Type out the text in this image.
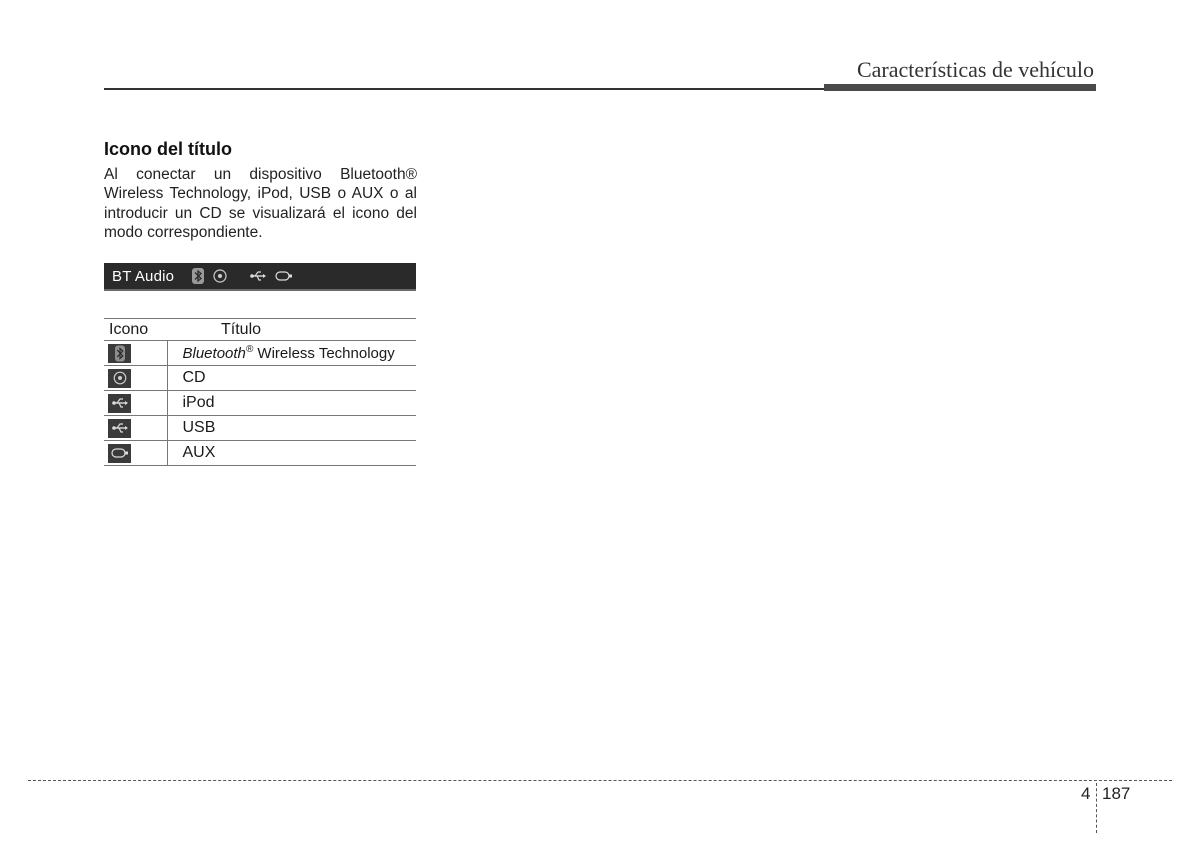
Características de vehículo
Icono del título
Al conectar un dispositivo Bluetooth® Wireless Technology, iPod, USB o AUX o al introducir un CD se visualizará el icono del modo correspondiente.
BT Audio
Icono	Título

	Bluetooth® Wireless Technology

	CD

	iPod

	USB

	AUX
4 187
